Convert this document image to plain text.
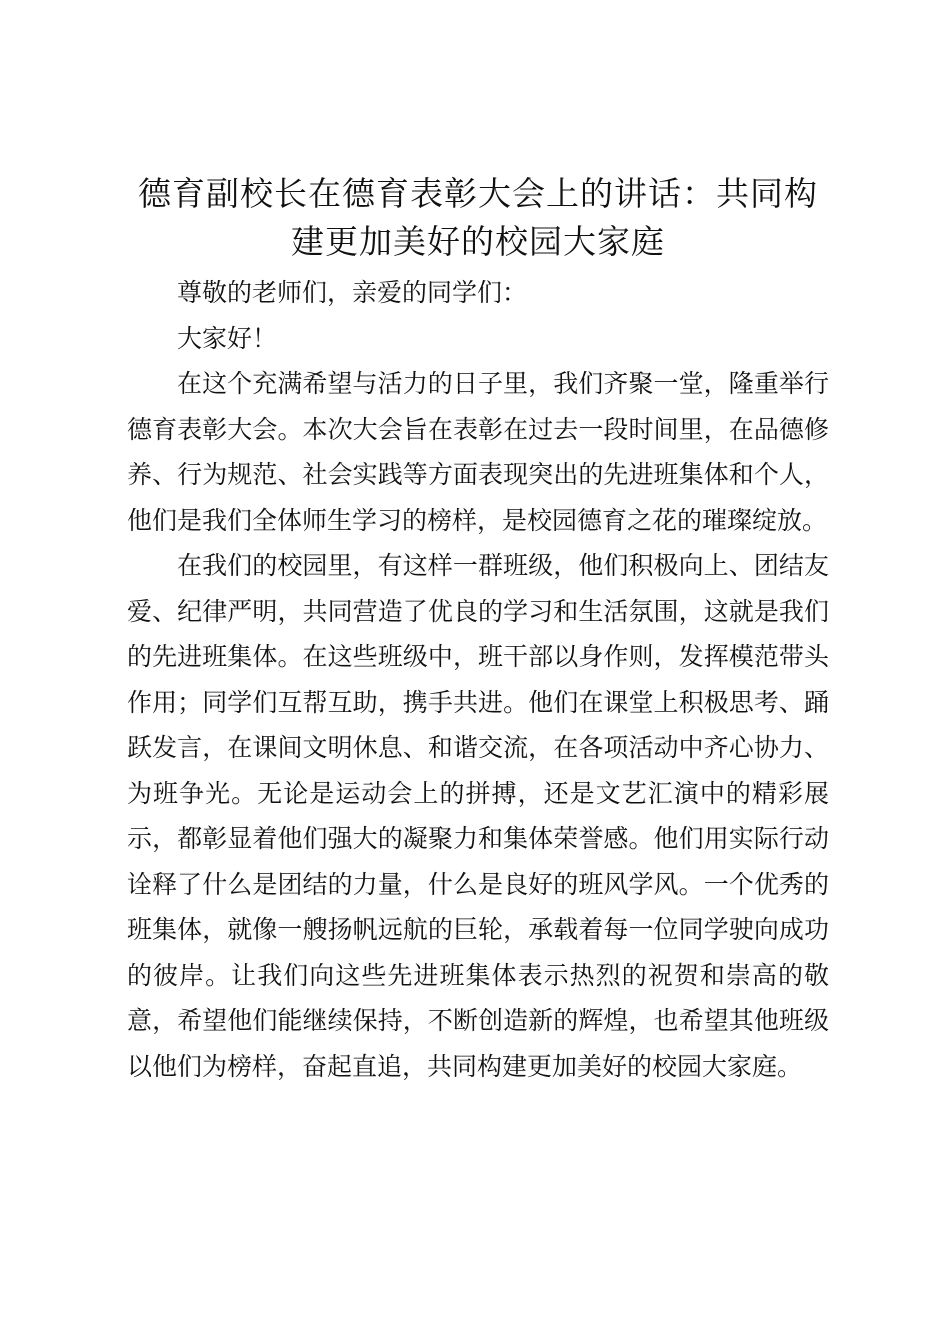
德育副校长在德育表彰大会上的讲话：共同构建更加美好的校园大家庭

尊敬的老师们，亲爱的同学们：

大家好！

在这个充满希望与活力的日子里，我们齐聚一堂，隆重举行德育表彰大会。本次大会旨在表彰在过去一段时间里，在品德修养、行为规范、社会实践等方面表现突出的先进班集体和个人，他们是我们全体师生学习的榜样，是校园德育之花的璀璨绽放。

在我们的校园里，有这样一群班级，他们积极向上、团结友爱、纪律严明，共同营造了优良的学习和生活氛围，这就是我们的先进班集体。在这些班级中，班干部以身作则，发挥模范带头作用；同学们互帮互助，携手共进。他们在课堂上积极思考、踊跃发言，在课间文明休息、和谐交流，在各项活动中齐心协力、为班争光。无论是运动会上的拼搏，还是文艺汇演中的精彩展示，都彰显着他们强大的凝聚力和集体荣誉感。他们用实际行动诠释了什么是团结的力量，什么是良好的班风学风。一个优秀的班集体，就像一艘扬帆远航的巨轮，承载着每一位同学驶向成功的彼岸。让我们向这些先进班集体表示热烈的祝贺和崇高的敬意，希望他们能继续保持，不断创造新的辉煌，也希望其他班级以他们为榜样，奋起直追，共同构建更加美好的校园大家庭。
